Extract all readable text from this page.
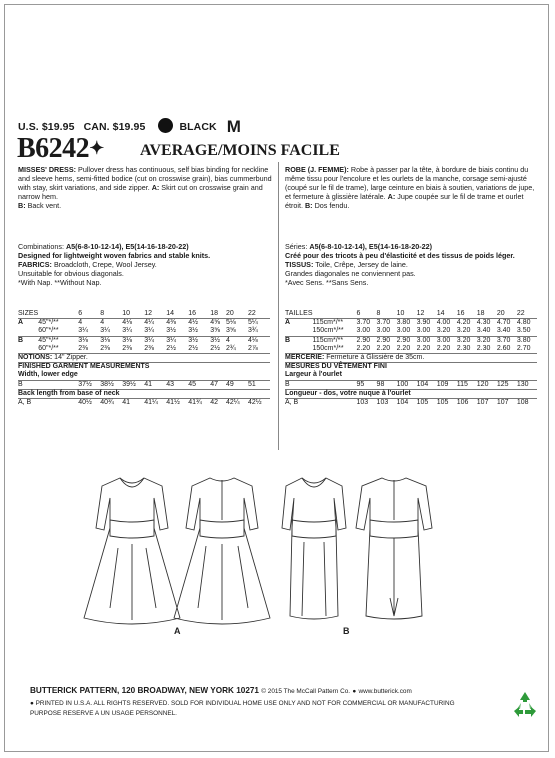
U.S. $19.95 CAN. $19.95	BLACK M
B6242✦ AVERAGE/MOINS FACILE

MISSES' DRESS: Pullover dress has continuous, self bias binding for neckline and sleeve hems, semi-fitted bodice (cut on crosswise grain), bias cummerbund with stay, skirt variations, and side zipper. A: Skirt cut on crosswise grain and narrow hem.

B: Back vent.

Combinations: A5(6-8-10-12-14), E5(14-16-18-20-22)

Designed for lightweight woven fabrics and stable knits.

FABRICS: Broadcloth, Crepe, Wool Jersey.

Unsuitable for obvious diagonals.

*With Nap. **Without Nap.

SIZES		6	8	10	12	14	16	18	20	22
A	45"*/**	4	4	4⅛	4¼	4⅜	4½	4⅝	5⅛	5¼
	60"*/**	3¼	3¼	3¼	3¼	3½	3½	3⅝	3⅝	3¾
B	45"*/**	3⅛	3⅛	3⅛	3¼	3¼	3½	3½	4	4⅛
	60"*/**	2⅜	2⅜	2⅜	2⅜	2½	2½	2½	2¾	2⅞
NOTIONS: 14" Zipper.										
FINISHED GARMENT MEASUREMENTS										
Width, lower edge										
B		37½	38½	39½	41	43	45	47	49	51
Back length from base of neck										
A, B		40½	40¾	41	41¼	41½	41¾	42	42¼	42½

ROBE (J. FEMME): Robe à passer par la tête, à bordure de biais continu du même tissu pour l'encolure et les ourlets de la manche, corsage semi-ajusté (coupé sur le fil de trame), large ceinture en biais à soutien, variations de jupe, et fermeture à glissière latérale. A: Jupe coupée sur le fil de trame et ourlet étroit. B: Dos fendu.

Séries: A5(6-8-10-12-14), E5(14-16-18-20-22)

Créé pour des tricots à peu d'élasticité et des tissus de poids léger.

TISSUS: Toile, Crêpe, Jersey de laine.

Grandes diagonales ne conviennent pas.

*Avec Sens. **Sans Sens.

TAILLES		6	8	10	12	14	16	18	20	22
A	115cm*/**	3.70	3.70	3.80	3.90	4.00	4.20	4.30	4.70	4.80
	150cm*/**	3.00	3.00	3.00	3.00	3.20	3.20	3.40	3.40	3.50
B	115cm*/**	2.90	2.90	2.90	3.00	3.00	3.20	3.20	3.70	3.80
	150cm*/**	2.20	2.20	2.20	2.20	2.20	2.30	2.30	2.60	2.70
MERCERIE: Fermeture à Glissière de 35cm.										
MESURES DU VÊTEMENT FINI										
Largeur à l'ourlet										
B		95	98	100	104	109	115	120	125	130
Longueur - dos, votre nuque à l'ourlet										
A, B		103	103	104	105	105	106	107	107	108
A	B
BUTTERICK PATTERN, 120 BROADWAY, NEW YORK 10271 © 2015 The McCall Pattern Co. ● www.butterick.com
● PRINTED IN U.S.A. ALL RIGHTS RESERVED. SOLD FOR INDIVIDUAL HOME USE ONLY AND NOT FOR COMMERCIAL OR MANUFACTURING PURPOSE RESERVE A UN USAGE PERSONNEL.
